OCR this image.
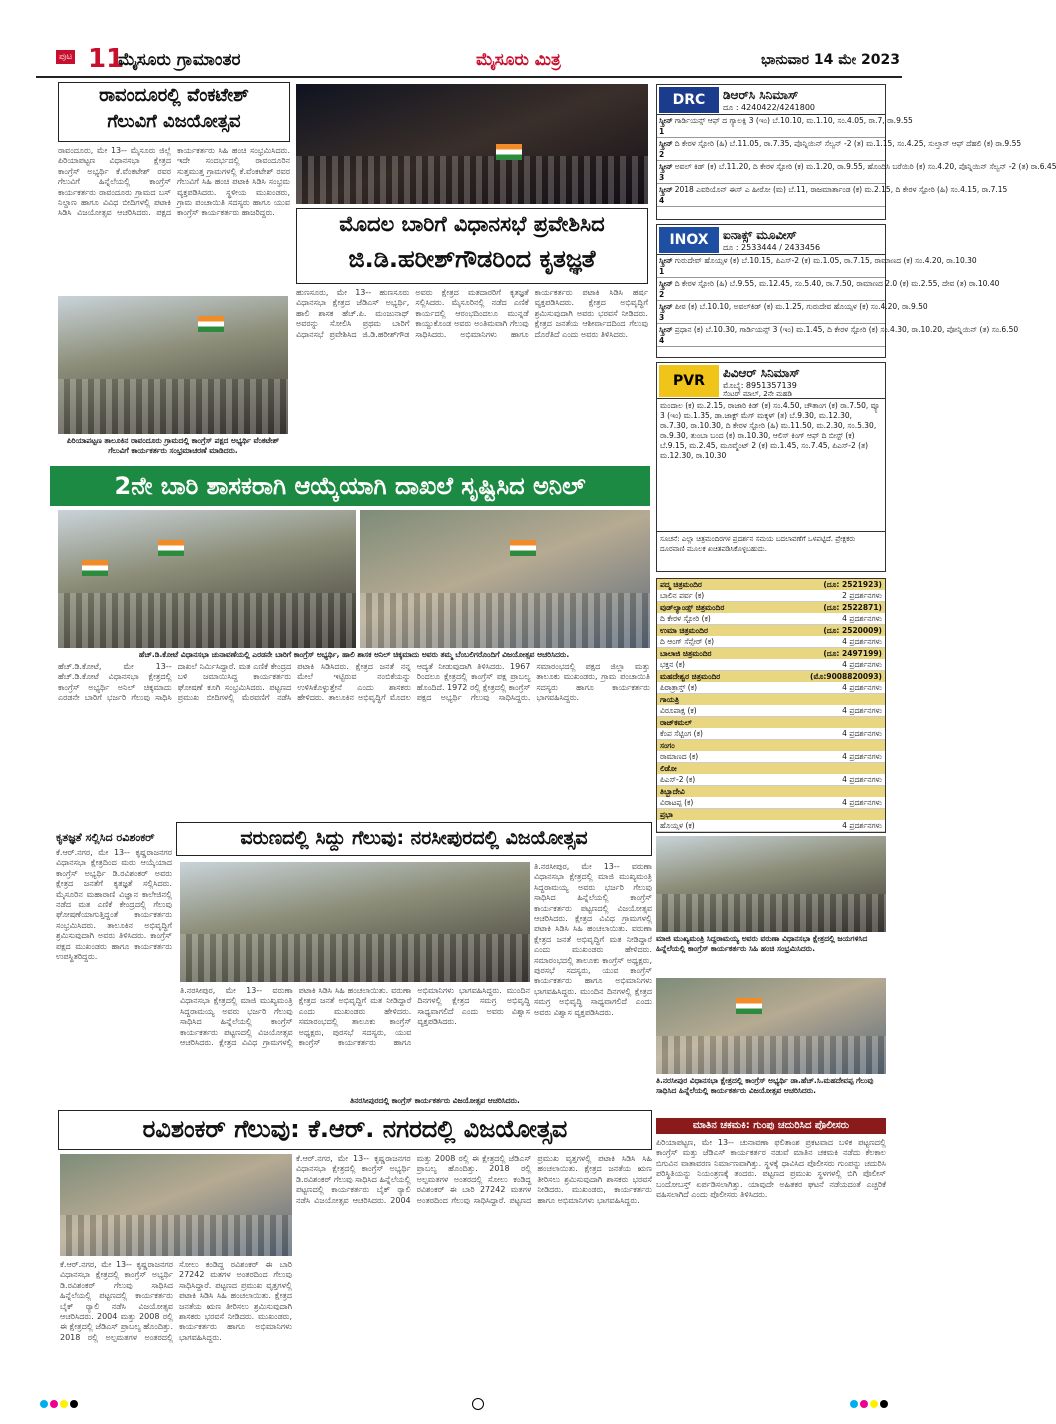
ಪುಟ 11
ಮೈಸೂರು ಗ್ರಾಮಾಂತರ	ಮೈಸೂರು ಮಿತ್ರ	ಭಾನುವಾರ 14 ಮೇ 2023
ರಾವಂದೂರಲ್ಲಿ ವೆಂಕಟೇಶ್
ಗೆಲುವಿಗೆ ವಿಜಯೋತ್ಸವ
ರಾವಂದೂರು, ಮೇ 13-- ಮೈಸೂರು ಜಿಲ್ಲೆ ಪಿರಿಯಾಪಟ್ಟಣ ವಿಧಾನಸಭಾ ಕ್ಷೇತ್ರದ ಕಾಂಗ್ರೆಸ್ ಅಭ್ಯರ್ಥಿ ಕೆ.ವೆಂಕಟೇಶ್ ರವರ ಗೆಲುವಿಗೆ ಹಿನ್ನೆಲೆಯಲ್ಲಿ ಕಾಂಗ್ರೆಸ್ ಕಾರ್ಯಕರ್ತರು ರಾವಂದೂರು ಗ್ರಾಮದ ಬಸ್ ನಿಲ್ದಾಣ ಹಾಗೂ ವಿವಿಧ ಬೀದಿಗಳಲ್ಲಿ ಪಟಾಕಿ ಸಿಡಿಸಿ ವಿಜಯೋತ್ಸವ ಆಚರಿಸಿದರು. ಪಕ್ಷದ ಕಾರ್ಯಕರ್ತರು ಸಿಹಿ ಹಂಚಿ ಸಂಭ್ರಮಿಸಿದರು. ಇದೇ ಸಂದರ್ಭದಲ್ಲಿ ರಾವಂದೂರಿನ ಸುತ್ತಮುತ್ತ ಗ್ರಾಮಗಳಲ್ಲಿ ಕೆ.ವೆಂಕಟೇಶ್ ರವರ ಗೆಲುವಿಗೆ ಸಿಹಿ ಹಂಚಿ ಪಟಾಕಿ ಸಿಡಿಸಿ ಸಂಭ್ರಮ ವ್ಯಕ್ತಪಡಿಸಿದರು. ಸ್ಥಳೀಯ ಮುಖಂಡರು, ಗ್ರಾಮ ಪಂಚಾಯಿತಿ ಸದಸ್ಯರು ಹಾಗೂ ಯುವ ಕಾಂಗ್ರೆಸ್ ಕಾರ್ಯಕರ್ತರು ಹಾಜರಿದ್ದರು.
ಪಿರಿಯಾಪಟ್ಟಣ ತಾಲೂಕಿನ ರಾವಂದೂರು ಗ್ರಾಮದಲ್ಲಿ ಕಾಂಗ್ರೆಸ್ ಪಕ್ಷದ ಅಭ್ಯರ್ಥಿ ವೆಂಕಟೇಶ್ ಗೆಲುವಿಗೆ ಕಾರ್ಯಕರ್ತರು ಸಂಭ್ರಮಾಚರಣೆ ಮಾಡಿದರು.
ಮೊದಲ ಬಾರಿಗೆ ವಿಧಾನಸಭೆ ಪ್ರವೇಶಿಸಿದ
ಜಿ.ಡಿ.ಹರೀಶ್‌ಗೌಡರಿಂದ ಕೃತಜ್ಞತೆ
ಹುಣಸೂರು, ಮೇ 13-- ಹುಣಸೂರು ವಿಧಾನಸಭಾ ಕ್ಷೇತ್ರದ ಜೆಡಿಎಸ್ ಅಭ್ಯರ್ಥಿ, ಹಾಲಿ ಶಾಸಕ ಹೆಚ್.ಪಿ. ಮಂಜುನಾಥ್ ಅವರನ್ನು ಸೋಲಿಸಿ ಪ್ರಥಮ ಬಾರಿಗೆ ವಿಧಾನಸಭೆ ಪ್ರವೇಶಿಸಿದ ಜಿ.ಡಿ.ಹರೀಶ್‌ಗೌಡ ಅವರು ಕ್ಷೇತ್ರದ ಮತದಾರರಿಗೆ ಕೃತಜ್ಞತೆ ಸಲ್ಲಿಸಿದರು. ಮೈಸೂರಿನಲ್ಲಿ ನಡೆದ ಎಣಿಕೆ ಕಾರ್ಯದಲ್ಲಿ ಆರಂಭದಿಂದಲೂ ಮುನ್ನಡೆ ಕಾಯ್ದುಕೊಂಡ ಅವರು ಅಂತಿಮವಾಗಿ ಗೆಲುವು ಸಾಧಿಸಿದರು. ಅಭಿಮಾನಿಗಳು ಹಾಗೂ ಕಾರ್ಯಕರ್ತರು ಪಟಾಕಿ ಸಿಡಿಸಿ ಹರ್ಷ ವ್ಯಕ್ತಪಡಿಸಿದರು. ಕ್ಷೇತ್ರದ ಅಭಿವೃದ್ಧಿಗೆ ಶ್ರಮಿಸುವುದಾಗಿ ಅವರು ಭರವಸೆ ನೀಡಿದರು. ಕ್ಷೇತ್ರದ ಜನತೆಯ ಆಶೀರ್ವಾದದಿಂದ ಗೆಲುವು ದೊರೆತಿದೆ ಎಂದು ಅವರು ತಿಳಿಸಿದರು.
2ನೇ ಬಾರಿ ಶಾಸಕರಾಗಿ ಆಯ್ಕೆಯಾಗಿ ದಾಖಲೆ ಸೃಷ್ಟಿಸಿದ ಅನಿಲ್
ಹೆಚ್.ಡಿ.ಕೋಟೆ ವಿಧಾನಸಭಾ ಚುನಾವಣೆಯಲ್ಲಿ ಎರಡನೇ ಬಾರಿಗೆ ಕಾಂಗ್ರೆಸ್ ಅಭ್ಯರ್ಥಿ, ಹಾಲಿ ಶಾಸಕ ಅನಿಲ್ ಚಿಕ್ಕಮಾದು ಅವರು ತಮ್ಮ ಬೆಂಬಲಿಗರೊಂದಿಗೆ ವಿಜಯೋತ್ಸವ ಆಚರಿಸಿದರು.
ಹೆಚ್.ಡಿ.ಕೋಟೆ, ಮೇ 13-- ಹೆಚ್.ಡಿ.ಕೋಟೆ ವಿಧಾನಸಭಾ ಕ್ಷೇತ್ರದಲ್ಲಿ ಕಾಂಗ್ರೆಸ್ ಅಭ್ಯರ್ಥಿ ಅನಿಲ್ ಚಿಕ್ಕಮಾದು ಎರಡನೇ ಬಾರಿಗೆ ಭರ್ಜರಿ ಗೆಲುವು ಸಾಧಿಸಿ ದಾಖಲೆ ನಿರ್ಮಿಸಿದ್ದಾರೆ. ಮತ ಎಣಿಕೆ ಕೇಂದ್ರದ ಬಳಿ ಜಮಾಯಿಸಿದ್ದ ಕಾರ್ಯಕರ್ತರು ಘೋಷಣೆ ಕೂಗಿ ಸಂಭ್ರಮಿಸಿದರು. ಪಟ್ಟಣದ ಪ್ರಮುಖ ಬೀದಿಗಳಲ್ಲಿ ಮೆರವಣಿಗೆ ನಡೆಸಿ ಪಟಾಕಿ ಸಿಡಿಸಿದರು. ಕ್ಷೇತ್ರದ ಜನತೆ ನನ್ನ ಮೇಲೆ ಇಟ್ಟಿರುವ ನಂಬಿಕೆಯನ್ನು ಉಳಿಸಿಕೊಳ್ಳುತ್ತೇನೆ ಎಂದು ಶಾಸಕರು ಹೇಳಿದರು. ತಾಲೂಕಿನ ಅಭಿವೃದ್ಧಿಗೆ ಮೊದಲ ಆದ್ಯತೆ ನೀಡುವುದಾಗಿ ತಿಳಿಸಿದರು. 1967 ರಿಂದಲೂ ಕ್ಷೇತ್ರದಲ್ಲಿ ಕಾಂಗ್ರೆಸ್ ಪಕ್ಷ ಪ್ರಾಬಲ್ಯ ಹೊಂದಿದೆ. 1972 ರಲ್ಲಿ ಕ್ಷೇತ್ರದಲ್ಲಿ ಕಾಂಗ್ರೆಸ್ ಪಕ್ಷದ ಅಭ್ಯರ್ಥಿ ಗೆಲುವು ಸಾಧಿಸಿದ್ದರು. ಸಮಾರಂಭದಲ್ಲಿ ಪಕ್ಷದ ಜಿಲ್ಲಾ ಮತ್ತು ತಾಲೂಕು ಮುಖಂಡರು, ಗ್ರಾಮ ಪಂಚಾಯಿತಿ ಸದಸ್ಯರು ಹಾಗೂ ಕಾರ್ಯಕರ್ತರು ಭಾಗವಹಿಸಿದ್ದರು.
ಕೃತಜ್ಞತೆ ಸಲ್ಲಿಸಿದ ರವಿಶಂಕರ್
ಕೆ.ಆರ್.ನಗರ, ಮೇ 13-- ಕೃಷ್ಣರಾಜನಗರ ವಿಧಾನಸಭಾ ಕ್ಷೇತ್ರದಿಂದ ಮರು ಆಯ್ಕೆಯಾದ ಕಾಂಗ್ರೆಸ್ ಅಭ್ಯರ್ಥಿ ಡಿ.ರವಿಶಂಕರ್ ಅವರು ಕ್ಷೇತ್ರದ ಜನತೆಗೆ ಕೃತಜ್ಞತೆ ಸಲ್ಲಿಸಿದರು. ಮೈಸೂರಿನ ಮಹಾರಾಣಿ ವಿಜ್ಞಾನ ಕಾಲೇಜಿನಲ್ಲಿ ನಡೆದ ಮತ ಎಣಿಕೆ ಕೇಂದ್ರದಲ್ಲಿ ಗೆಲುವು ಘೋಷಣೆಯಾಗುತ್ತಿದ್ದಂತೆ ಕಾರ್ಯಕರ್ತರು ಸಂಭ್ರಮಿಸಿದರು. ತಾಲೂಕಿನ ಅಭಿವೃದ್ಧಿಗೆ ಶ್ರಮಿಸುವುದಾಗಿ ಅವರು ತಿಳಿಸಿದರು. ಕಾಂಗ್ರೆಸ್ ಪಕ್ಷದ ಮುಖಂಡರು ಹಾಗೂ ಕಾರ್ಯಕರ್ತರು ಉಪಸ್ಥಿತರಿದ್ದರು.
ವರುಣದಲ್ಲಿ ಸಿದ್ದು ಗೆಲುವು: ನರಸೀಪುರದಲ್ಲಿ ವಿಜಯೋತ್ಸವ
ತಿ.ನರಸೀಪುರ, ಮೇ 13-- ವರುಣಾ ವಿಧಾನಸಭಾ ಕ್ಷೇತ್ರದಲ್ಲಿ ಮಾಜಿ ಮುಖ್ಯಮಂತ್ರಿ ಸಿದ್ದರಾಮಯ್ಯ ಅವರು ಭರ್ಜರಿ ಗೆಲುವು ಸಾಧಿಸಿದ ಹಿನ್ನೆಲೆಯಲ್ಲಿ ಕಾಂಗ್ರೆಸ್ ಕಾರ್ಯಕರ್ತರು ಪಟ್ಟಣದಲ್ಲಿ ವಿಜಯೋತ್ಸವ ಆಚರಿಸಿದರು. ಕ್ಷೇತ್ರದ ವಿವಿಧ ಗ್ರಾಮಗಳಲ್ಲಿ ಪಟಾಕಿ ಸಿಡಿಸಿ ಸಿಹಿ ಹಂಚಲಾಯಿತು. ವರುಣಾ ಕ್ಷೇತ್ರದ ಜನತೆ ಅಭಿವೃದ್ಧಿಗೆ ಮತ ನೀಡಿದ್ದಾರೆ ಎಂದು ಮುಖಂಡರು ಹೇಳಿದರು. ಸಮಾರಂಭದಲ್ಲಿ ತಾಲೂಕು ಕಾಂಗ್ರೆಸ್ ಅಧ್ಯಕ್ಷರು, ಪುರಸಭೆ ಸದಸ್ಯರು, ಯುವ ಕಾಂಗ್ರೆಸ್ ಕಾರ್ಯಕರ್ತರು ಹಾಗೂ ಅಭಿಮಾನಿಗಳು ಭಾಗವಹಿಸಿದ್ದರು. ಮುಂದಿನ ದಿನಗಳಲ್ಲಿ ಕ್ಷೇತ್ರದ ಸಮಗ್ರ ಅಭಿವೃದ್ಧಿ ಸಾಧ್ಯವಾಗಲಿದೆ ಎಂದು ಅವರು ವಿಶ್ವಾಸ ವ್ಯಕ್ತಪಡಿಸಿದರು.
ತಿ.ನರಸೀಪುರ, ಮೇ 13-- ವರುಣಾ ವಿಧಾನಸಭಾ ಕ್ಷೇತ್ರದಲ್ಲಿ ಮಾಜಿ ಮುಖ್ಯಮಂತ್ರಿ ಸಿದ್ದರಾಮಯ್ಯ ಅವರು ಭರ್ಜರಿ ಗೆಲುವು ಸಾಧಿಸಿದ ಹಿನ್ನೆಲೆಯಲ್ಲಿ ಕಾಂಗ್ರೆಸ್ ಕಾರ್ಯಕರ್ತರು ಪಟ್ಟಣದಲ್ಲಿ ವಿಜಯೋತ್ಸವ ಆಚರಿಸಿದರು. ಕ್ಷೇತ್ರದ ವಿವಿಧ ಗ್ರಾಮಗಳಲ್ಲಿ ಪಟಾಕಿ ಸಿಡಿಸಿ ಸಿಹಿ ಹಂಚಲಾಯಿತು. ವರುಣಾ ಕ್ಷೇತ್ರದ ಜನತೆ ಅಭಿವೃದ್ಧಿಗೆ ಮತ ನೀಡಿದ್ದಾರೆ ಎಂದು ಮುಖಂಡರು ಹೇಳಿದರು. ಸಮಾರಂಭದಲ್ಲಿ ತಾಲೂಕು ಕಾಂಗ್ರೆಸ್ ಅಧ್ಯಕ್ಷರು, ಪುರಸಭೆ ಸದಸ್ಯರು, ಯುವ ಕಾಂಗ್ರೆಸ್ ಕಾರ್ಯಕರ್ತರು ಹಾಗೂ ಅಭಿಮಾನಿಗಳು ಭಾಗವಹಿಸಿದ್ದರು. ಮುಂದಿನ ದಿನಗಳಲ್ಲಿ ಕ್ಷೇತ್ರದ ಸಮಗ್ರ ಅಭಿವೃದ್ಧಿ ಸಾಧ್ಯವಾಗಲಿದೆ ಎಂದು ಅವರು ವಿಶ್ವಾಸ ವ್ಯಕ್ತಪಡಿಸಿದರು.
ತಿನರಸೀಪುರದಲ್ಲಿ ಕಾಂಗ್ರೆಸ್ ಕಾರ್ಯಕರ್ತರು ವಿಜಯೋತ್ಸವ ಆಚರಿಸಿದರು.
ಮಾಜಿ ಮುಖ್ಯಮಂತ್ರಿ ಸಿದ್ದರಾಮಯ್ಯ ಅವರು ವರುಣಾ ವಿಧಾನಸಭಾ ಕ್ಷೇತ್ರದಲ್ಲಿ ಜಯಗಳಿಸಿದ ಹಿನ್ನೆಲೆಯಲ್ಲಿ ಕಾಂಗ್ರೆಸ್ ಕಾರ್ಯಕರ್ತರು ಸಿಹಿ ಹಂಚಿ ಸಂಭ್ರಮಿಸಿದರು.
ತಿ.ನರಸೀಪುರ ವಿಧಾನಸಭಾ ಕ್ಷೇತ್ರದಲ್ಲಿ ಕಾಂಗ್ರೆಸ್ ಅಭ್ಯರ್ಥಿ ಡಾ.ಹೆಚ್.ಸಿ.ಮಹದೇವಪ್ಪ ಗೆಲುವು ಸಾಧಿಸಿದ ಹಿನ್ನೆಲೆಯಲ್ಲಿ ಕಾರ್ಯಕರ್ತರು ವಿಜಯೋತ್ಸವ ಆಚರಿಸಿದರು.
ರವಿಶಂಕರ್ ಗೆಲುವು: ಕೆ.ಆರ್. ನಗರದಲ್ಲಿ ವಿಜಯೋತ್ಸವ
ಕೆ.ಆರ್.ನಗರ, ಮೇ 13-- ಕೃಷ್ಣರಾಜನಗರ ವಿಧಾನಸಭಾ ಕ್ಷೇತ್ರದಲ್ಲಿ ಕಾಂಗ್ರೆಸ್ ಅಭ್ಯರ್ಥಿ ಡಿ.ರವಿಶಂಕರ್ ಗೆಲುವು ಸಾಧಿಸಿದ ಹಿನ್ನೆಲೆಯಲ್ಲಿ ಪಟ್ಟಣದಲ್ಲಿ ಕಾರ್ಯಕರ್ತರು ಬೈಕ್ ರ‍್ಯಾಲಿ ನಡೆಸಿ ವಿಜಯೋತ್ಸವ ಆಚರಿಸಿದರು. 2004 ಮತ್ತು 2008 ರಲ್ಲಿ ಈ ಕ್ಷೇತ್ರದಲ್ಲಿ ಜೆಡಿಎಸ್ ಪ್ರಾಬಲ್ಯ ಹೊಂದಿತ್ತು. 2018 ರಲ್ಲಿ ಅಲ್ಪಮತಗಳ ಅಂತರದಲ್ಲಿ ಸೋಲು ಕಂಡಿದ್ದ ರವಿಶಂಕರ್ ಈ ಬಾರಿ 27242 ಮತಗಳ ಅಂತರದಿಂದ ಗೆಲುವು ಸಾಧಿಸಿದ್ದಾರೆ. ಪಟ್ಟಣದ ಪ್ರಮುಖ ವೃತ್ತಗಳಲ್ಲಿ ಪಟಾಕಿ ಸಿಡಿಸಿ ಸಿಹಿ ಹಂಚಲಾಯಿತು. ಕ್ಷೇತ್ರದ ಜನತೆಯ ಋಣ ತೀರಿಸಲು ಶ್ರಮಿಸುವುದಾಗಿ ಶಾಸಕರು ಭರವಸೆ ನೀಡಿದರು. ಮುಖಂಡರು, ಕಾರ್ಯಕರ್ತರು ಹಾಗೂ ಅಭಿಮಾನಿಗಳು ಭಾಗವಹಿಸಿದ್ದರು.
ಕೆ.ಆರ್.ನಗರ, ಮೇ 13-- ಕೃಷ್ಣರಾಜನಗರ ವಿಧಾನಸಭಾ ಕ್ಷೇತ್ರದಲ್ಲಿ ಕಾಂಗ್ರೆಸ್ ಅಭ್ಯರ್ಥಿ ಡಿ.ರವಿಶಂಕರ್ ಗೆಲುವು ಸಾಧಿಸಿದ ಹಿನ್ನೆಲೆಯಲ್ಲಿ ಪಟ್ಟಣದಲ್ಲಿ ಕಾರ್ಯಕರ್ತರು ಬೈಕ್ ರ‍್ಯಾಲಿ ನಡೆಸಿ ವಿಜಯೋತ್ಸವ ಆಚರಿಸಿದರು. 2004 ಮತ್ತು 2008 ರಲ್ಲಿ ಈ ಕ್ಷೇತ್ರದಲ್ಲಿ ಜೆಡಿಎಸ್ ಪ್ರಾಬಲ್ಯ ಹೊಂದಿತ್ತು. 2018 ರಲ್ಲಿ ಅಲ್ಪಮತಗಳ ಅಂತರದಲ್ಲಿ ಸೋಲು ಕಂಡಿದ್ದ ರವಿಶಂಕರ್ ಈ ಬಾರಿ 27242 ಮತಗಳ ಅಂತರದಿಂದ ಗೆಲುವು ಸಾಧಿಸಿದ್ದಾರೆ. ಪಟ್ಟಣದ ಪ್ರಮುಖ ವೃತ್ತಗಳಲ್ಲಿ ಪಟಾಕಿ ಸಿಡಿಸಿ ಸಿಹಿ ಹಂಚಲಾಯಿತು. ಕ್ಷೇತ್ರದ ಜನತೆಯ ಋಣ ತೀರಿಸಲು ಶ್ರಮಿಸುವುದಾಗಿ ಶಾಸಕರು ಭರವಸೆ ನೀಡಿದರು. ಮುಖಂಡರು, ಕಾರ್ಯಕರ್ತರು ಹಾಗೂ ಅಭಿಮಾನಿಗಳು ಭಾಗವಹಿಸಿದ್ದರು.
ಮಾತಿನ ಚಕಮಕಿ: ಗುಂಪು ಚದುರಿಸಿದ ಪೊಲೀಸರು
ಪಿರಿಯಾಪಟ್ಟಣ, ಮೇ 13-- ಚುನಾವಣಾ ಫಲಿತಾಂಶ ಪ್ರಕಟವಾದ ಬಳಿಕ ಪಟ್ಟಣದಲ್ಲಿ ಕಾಂಗ್ರೆಸ್ ಮತ್ತು ಜೆಡಿಎಸ್ ಕಾರ್ಯಕರ್ತರ ನಡುವೆ ಮಾತಿನ ಚಕಮಕಿ ನಡೆದು ಕೆಲಕಾಲ ಬಿಗುವಿನ ವಾತಾವರಣ ನಿರ್ಮಾಣವಾಗಿತ್ತು. ಸ್ಥಳಕ್ಕೆ ಧಾವಿಸಿದ ಪೊಲೀಸರು ಗುಂಪನ್ನು ಚದುರಿಸಿ ಪರಿಸ್ಥಿತಿಯನ್ನು ನಿಯಂತ್ರಣಕ್ಕೆ ತಂದರು. ಪಟ್ಟಣದ ಪ್ರಮುಖ ಸ್ಥಳಗಳಲ್ಲಿ ಬಿಗಿ ಪೊಲೀಸ್ ಬಂದೋಬಸ್ತ್ ಏರ್ಪಡಿಸಲಾಗಿತ್ತು. ಯಾವುದೇ ಅಹಿತಕರ ಘಟನೆ ನಡೆಯದಂತೆ ಎಚ್ಚರಿಕೆ ವಹಿಸಲಾಗಿದೆ ಎಂದು ಪೊಲೀಸರು ತಿಳಿಸಿದರು.
DRC	ಡಿಆರ್‌ಸಿ ಸಿನಿಮಾಸ್
ದೂ : 4240422/4241800
ಸ್ಕ್ರೀನ್ 1
ಗಾರ್ಡಿಯನ್ಸ್ ಆಫ್ ದ ಗ್ಯಾಲಕ್ಸಿ 3 (ಇಂ) ಬೆ.10.10, ಮ.1.10, ಸಂ.4.05, ರಾ.7, ರಾ.9.55
ಸ್ಕ್ರೀನ್ 2
ದಿ ಕೇರಳ ಸ್ಟೋರಿ (ಹಿ) ಬೆ.11.05, ರಾ.7.35, ಪೊನ್ನಿಯಿನ್ ಸೆಲ್ವನ್ -2 (ತ) ಮ.1.15, ಸಂ.4.25, ಸುಲ್ತಾನ್ ಆಫ್ ದೆಹಲಿ (ಕ) ರಾ.9.55
ಸ್ಕ್ರೀನ್ 3
ಅವಲ್ ಕಿಡ್ (ಕ) ಬೆ.11.20, ದಿ ಕೇರಳ ಸ್ಟೋರಿ (ಕ) ಮ.1.20, ರಾ.9.55, ಹೊಂದಿಸಿ ಬರೆಯಿರಿ (ಕ) ಸಂ.4.20, ಪೊನ್ನಿಯಿನ್ ಸೆಲ್ವನ್ -2 (ತ) ರಾ.6.45
ಸ್ಕ್ರೀನ್ 4
2018 ಎವರಿಯೊನ್ ಈಸ್ ಎ ಹೀರೋ (ಮ) ಬೆ.11, ರಾಜಮಾರ್ತಾಂಡ (ಕ) ಮ.2.15, ದಿ ಕೇರಳ ಸ್ಟೋರಿ (ಹಿ) ಸಂ.4.15, ರಾ.7.15
INOX	ಐನಾಕ್ಸ್ ಮೂವೀಸ್
ದೂ : 2533444 / 2433456
ಸ್ಕ್ರೀನ್ 1
ಗುರುದೇವ್ ಹೊಯ್ಸಳ (ಕ) ಬೆ.10.15, ಪಿಎಸ್-2 (ಕ) ಮ.1.05, ರಾ.7.15, ರಾಮಾಣದ (ಕ) ಸಂ.4.20, ರಾ.10.30
ಸ್ಕ್ರೀನ್ 2
ದಿ ಕೇರಳ ಸ್ಟೋರಿ (ಹಿ) ಬೆ.9.55, ಮ.12.45, ಸಂ.5.40, ರಾ.7.50, ರಾಮಾಣದ 2.0 (ಕ) ಮ.2.55, ದೇವ (ತ) ರಾ.10.40
ಸ್ಕ್ರೀನ್ 3
ಪೀಠ (ಕ) ಬೆ.10.10, ಅವಲ್‌ಕಿಡ್ (ಕ) ಮ.1.25, ಗುರುದೇವ ಹೊಯ್ಸಳ (ಕ) ಸಂ.4.20, ರಾ.9.50
ಸ್ಕ್ರೀನ್ 4
ಪ್ರಧಾನ (ಕ) ಬೆ.10.30, ಗಾರ್ಡಿಯನ್ಸ್ 3 (ಇಂ) ಮ.1.45, ದಿ ಕೇರಳ ಸ್ಟೋರಿ (ಕ) ಸಂ.4.30, ರಾ.10.20, ಪೋನ್ನಿಯಿನ್ (ತ) ಸಂ.6.50
PVR	ಪಿವಿಆರ್ ಸಿನಿಮಾಸ್
ಮೊಬೈ: 8951357139
ಸೆಂಟರ್ ಮಾಲ್, 2ನೇ ಮಹಡಿ
ಮಂದಾಲ (ಕ) ಮ.2.15, ರಾಜಾರಿ ಕಿಡ್ (ಕ) ಸಂ.4.50, ಚೌತಾಂಗ (ಕ) ರಾ.7.50, ವ್ಯೂ 3 (ಇಂ) ಮ.1.35, ಡಾ.ಜಾಕ್ಟ್ ಮೆಗ್ ಮಕ್ಕಳ್ (ತ) ಬೆ.9.30, ಮ.12.30, ರಾ.7.30, ರಾ.10.30, ದಿ ಕೇರಳ ಸ್ಟೋರಿ (ಹಿ) ಮ.11.50, ಮ.2.30, ಸಂ.5.30, ರಾ.9.30, ತುಂಬಾ ಬಂದ (ಕ) ರಾ.10.30, ಆಲಿಸ್ ಕಿಂಗ್ ಆಫ್ ದಿ ಬೀಸ್ಟ್ (ಕ) ಬೆ.9.15, ಮ.2.45, ಮೂವ್ಮೆಂಟ್ 2 (ಕ) ಮ.1.45, ಸಂ.7.45, ಪಿಎಸ್-2 (ತ) ಮ.12.30, ರಾ.10.30
ಸೂಚನೆ: ಎಲ್ಲಾ ಚಿತ್ರಮಂದಿರಗಳ ಪ್ರದರ್ಶನ ಸಮಯ ಬದಲಾವಣೆಗೆ ಒಳಪಟ್ಟಿದೆ. ಪ್ರೇಕ್ಷಕರು ದೂರವಾಣಿ ಮೂಲಕ ಖಚಿತಪಡಿಸಿಕೊಳ್ಳಬಹುದು.
ಪದ್ಮ ಚಿತ್ರಮಂದಿರ	(ದೂ: 2521923)
ಬಾಲಿನ ಪರ್ವ (ಕ)	2 ಪ್ರದರ್ಶನಗಳು
ವುಡ್‌ಲ್ಯಾಂಡ್ಸ್ ಚಿತ್ರಮಂದಿರ	(ದೂ: 2522871)
ದಿ ಕೇರಳ ಸ್ಟೋರಿ (ಕ)	4 ಪ್ರದರ್ಶನಗಳು
ಉಮಾ ಚಿತ್ರಮಂದಿರ	(ದೂ: 2520009)
ದಿ ಆಂಗ್ ಸೆನ್ಸೇರ್ (ಕ)	4 ಪ್ರದರ್ಶನಗಳು
ಬಾಲಾಜಿ ಚಿತ್ರಮಂದಿರ	(ದೂ: 2497199)
ಭಕ್ತನ (ಕ)	4 ಪ್ರದರ್ಶನಗಳು
ಮಹದೇಶ್ವರ ಚಿತ್ರಮಂದಿರ	(ಮೊ:9008820093)
ಪಿರಾತ್ರಾಸ್ತ್ (ಕ)	4 ಪ್ರದರ್ಶನಗಳು
ಗಾಯತ್ರಿ
ವಿರೂಪಾಕ್ಷ (ಕ)	4 ಪ್ರದರ್ಶನಗಳು
ರಾಜ್‌ಕಮಲ್
ಕೆಂಪ ಸೆಟ್ಟಿಂಗ (ಕ)	4 ಪ್ರದರ್ಶನಗಳು
ಸಂಗಂ
ರಾಮಾಣದ (ಕ)	4 ಪ್ರದರ್ಶನಗಳು
ಲಿಡೋ
ಪಿಎಸ್-2 (ಕ)	4 ಪ್ರದರ್ಶನಗಳು
ತಿಬ್ಬಾದೇವಿ
ವಿರಾಟಪ್ಪ (ಕ)	4 ಪ್ರದರ್ಶನಗಳು
ಪ್ರಭಾ
ಹೊಯ್ಸಳ (ಕ)	4 ಪ್ರದರ್ಶನಗಳು
